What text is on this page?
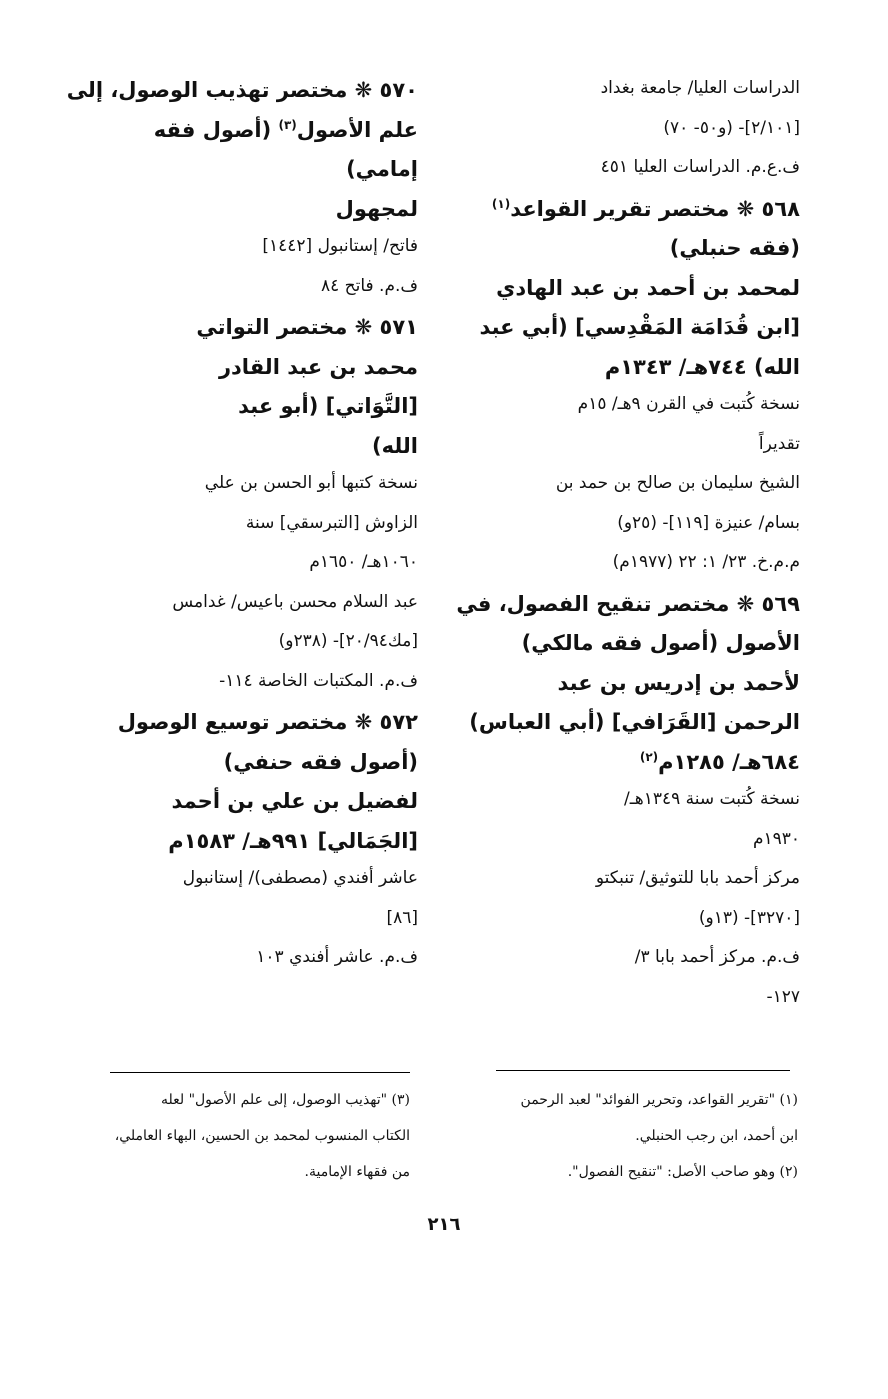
الدراسات العليا/ جامعة بغداد
[٢/١٠١]- (و٥٠- ٧٠)
ف.ع.م. الدراسات العليا ٤٥١
٥٦٨ ❋ مختصر تقرير القواعد$^{(١)}$
(فقه حنبلي)
لمحمد بن أحمد بن عبد الهادي
[ابن قُدَامَة المَقْدِسي] (أبي عبد
الله) ٧٤٤هـ/ ١٣٤٣م
نسخة كُتبت في القرن ٩هـ/ ١٥م
تقديراً
الشيخ سليمان بن صالح بن حمد بن
بسام/ عنيزة [١١٩]- (٢٥و)
م.م.خ. ٢٣/ ١: ٢٢ (١٩٧٧م)
٥٦٩ ❋ مختصر تنقيح الفصول، في
الأصول (أصول فقه مالكي)
لأحمد بن إدريس بن عبد
الرحمن [القَرَافي] (أبي العباس)
٦٨٤هـ/ ١٢٨٥م$^{(٢)}$
نسخة كُتبت سنة ١٣٤٩هـ/
١٩٣٠م
مركز أحمد بابا للتوثيق/ تنبكتو
[٣٢٧٠]- (١٣و)
ف.م. مركز أحمد بابا ٣/
١٢٧-
٥٧٠ ❋ مختصر تهذيب الوصول، إلى
علم الأصول$^{(٣)}$ (أصول فقه
إمامي)
لمجهول
فاتح/ إستانبول [١٤٤٢]
ف.م. فاتح ٨٤
٥٧١ ❋ مختصر التواتي
محمد بن عبد القادر
[التَّوَاتي] (أبو عبد
الله)
نسخة كتبها أبو الحسن بن علي
الزاوش [التبرسقي] سنة
١٠٦٠هـ/ ١٦٥٠م
عبد السلام محسن باعيس/ غدامس
[مك٢٠/٩٤]- (٢٣٨و)
ف.م. المكتبات الخاصة ١١٤-
٥٧٢ ❋ مختصر توسيع الوصول
(أصول فقه حنفي)
لفضيل بن علي بن أحمد
[الجَمَالي] ٩٩١هـ/ ١٥٨٣م
عاشر أفندي (مصطفى)/ إستانبول
[٨٦]
ف.م. عاشر أفندي ١٠٣
(١) "تقرير القواعد، وتحرير الفوائد" لعبد الرحمن
ابن أحمد، ابن رجب الحنبلي.
(٢) وهو صاحب الأصل: "تنقيح الفصول".
(٣) "تهذيب الوصول، إلى علم الأصول" لعله
الكتاب المنسوب لمحمد بن الحسين، البهاء العاملي،
من فقهاء الإمامية.
٢١٦
